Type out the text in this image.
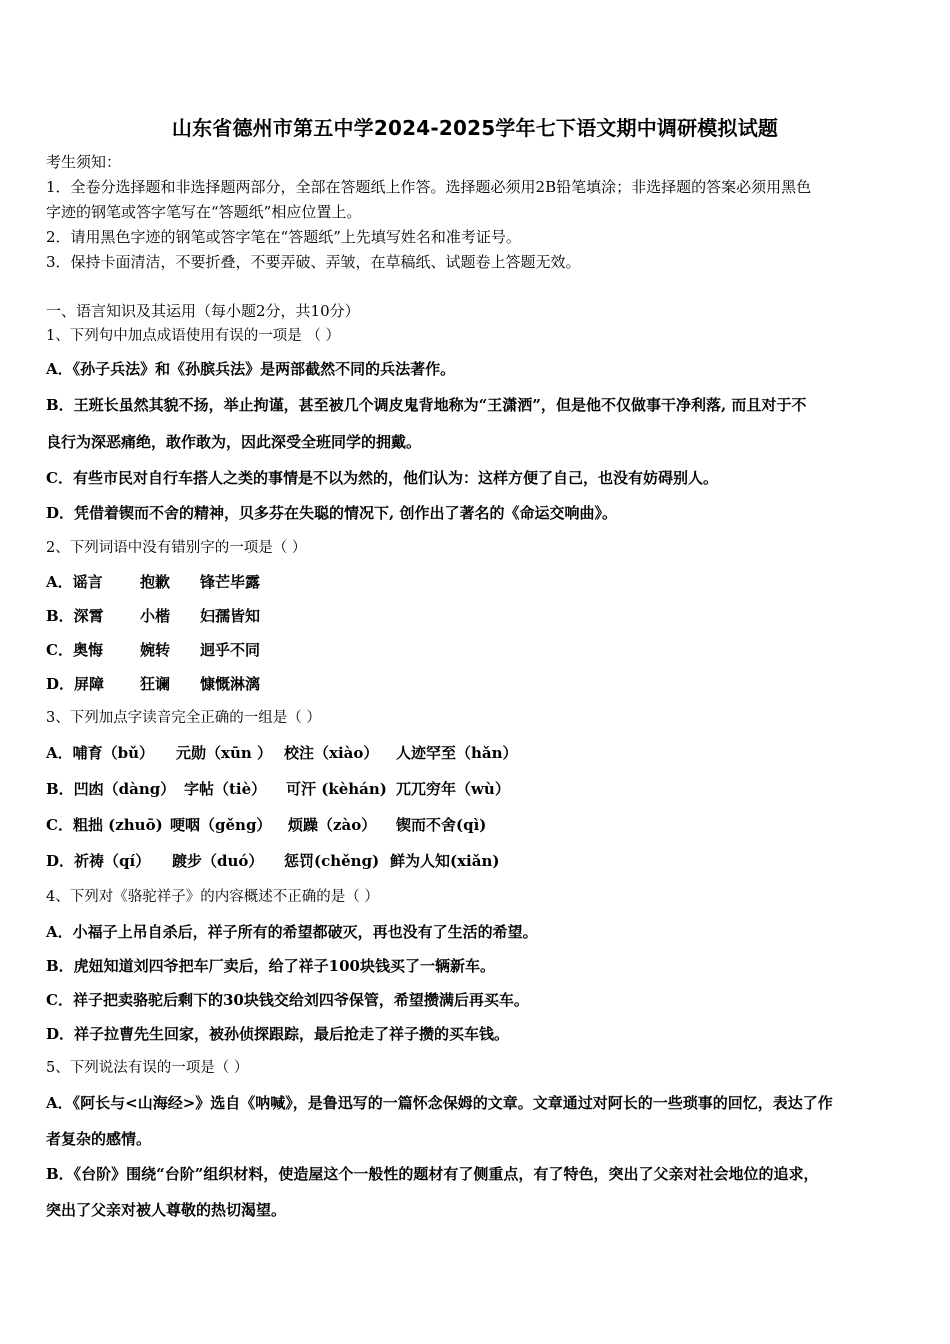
山东省德州市第五中学2024-2025学年七下语文期中调研模拟试题
考生须知：
1．全卷分选择题和非选择题两部分，全部在答题纸上作答。选择题必须用2B铅笔填涂；非选择题的答案必须用黑色
字迹的钢笔或答字笔写在“答题纸”相应位置上。
2．请用黑色字迹的钢笔或答字笔在“答题纸”上先填写姓名和准考证号。
3．保持卡面清洁，不要折叠，不要弄破、弄皱，在草稿纸、试题卷上答题无效。
一、语言知识及其运用（每小题2分，共10分）
1、下列句中加点成语使用有误的一项是 （ ）
A．《孙子兵法》和《孙膑兵法》是两部截然不同的兵法著作。
B．王班长虽然其貌不扬，举止拘谨，甚至被几个调皮鬼背地称为“王潇洒”，但是他不仅做事干净利落, 而且对于不
良行为深恶痛绝，敢作敢为，因此深受全班同学的拥戴。
C．有些市民对自行车搭人之类的事情是不以为然的，他们认为：这样方便了自己，也没有妨碍别人。
D．凭借着锲而不舍的精神，贝多芬在失聪的情况下, 创作出了著名的《命运交响曲》。
2、下列词语中没有错别字的一项是（ ）
A．谣言 抱歉 锋芒毕露
B．深霄 小楷 妇孺皆知
C．奥悔 婉转 迥乎不同
D．屏障 狂谰 慷慨淋漓
3、下列加点字读音完全正确的一组是（ ）
A．哺育（bǔ） 元勋（xūn ） 校注（xiào） 人迹罕至（hǎn）
B．凹凼（dàng） 字帖（tiè） 可汗 (kèhán) 兀兀穷年（wù）
C．粗拙 (zhuō) 哽咽（gěng） 烦躁（zào） 锲而不舍(qì)
D．祈祷（qí） 踱步（duó） 惩罚(chěng) 鲜为人知(xiǎn)
4、下列对《骆驼祥子》的内容概述不正确的是（ ）
A．小福子上吊自杀后，祥子所有的希望都破灭，再也没有了生活的希望。
B．虎妞知道刘四爷把车厂卖后，给了祥子100块钱买了一辆新车。
C．祥子把卖骆驼后剩下的30块钱交给刘四爷保管，希望攒满后再买车。
D．祥子拉曹先生回家，被孙侦探跟踪，最后抢走了祥子攒的买车钱。
5、下列说法有误的一项是（ ）
A．《阿长与<山海经>》选自《呐喊》，是鲁迅写的一篇怀念保姆的文章。文章通过对阿长的一些琐事的回忆，表达了作
者复杂的感情。
B．《台阶》围绕“台阶”组织材料，使造屋这个一般性的题材有了侧重点，有了特色，突出了父亲对社会地位的追求，
突出了父亲对被人尊敬的热切渴望。
